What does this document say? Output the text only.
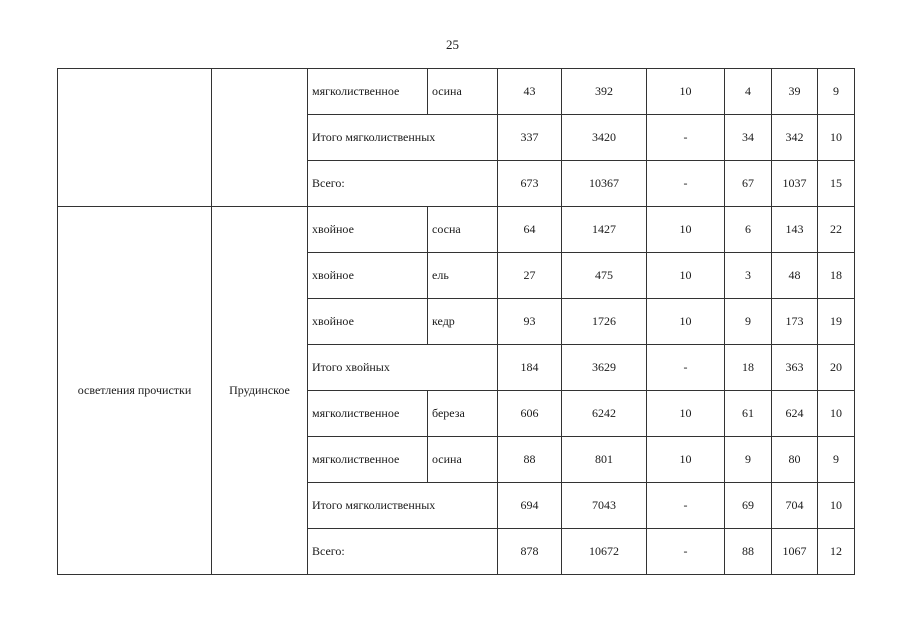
25
		мягколиственное	осина	43	392	10	4	39	9
		Итого мягколиственных		337	3420	-	34	342	10
		Всего:		673	10367	-	67	1037	15
осветления прочистки	Прудинское	хвойное	сосна	64	1427	10	6	143	22
		хвойное	ель	27	475	10	3	48	18
		хвойное	кедр	93	1726	10	9	173	19
		Итого хвойных		184	3629	-	18	363	20
		мягколиственное	береза	606	6242	10	61	624	10
		мягколиственное	осина	88	801	10	9	80	9
		Итого мягколиственных		694	7043	-	69	704	10
		Всего:		878	10672	-	88	1067	12
